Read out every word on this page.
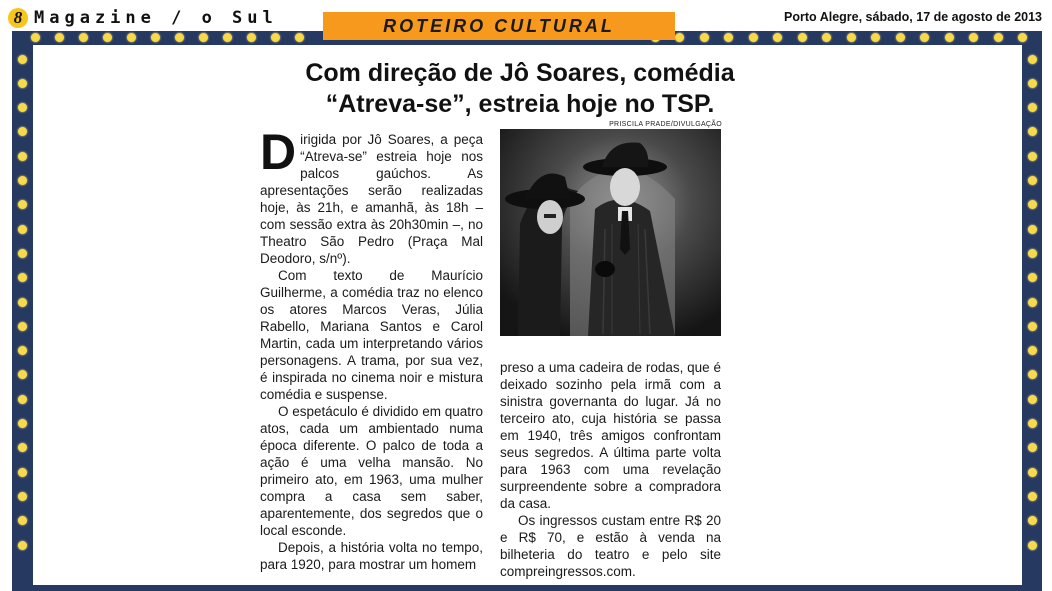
8 Magazine / o Sul	ROTEIRO CULTURAL	Porto Alegre, sábado, 17 de agosto de 2013
Com direção de Jô Soares, comédia
“Atreva-se”, estreia hoje no TSP.

Dirigida por Jô Soares, a peça “Atreva-se” estreia hoje nos palcos gaúchos. As apresentações serão realizadas hoje, às 21h, e amanhã, às 18h – com sessão extra às 20h30min –, no Theatro São Pedro (Praça Mal Deodoro, s/nº).

Com texto de Maurício Guilherme, a comédia traz no elenco os atores Marcos Veras, Júlia Rabello, Mariana Santos e Carol Martin, cada um interpretando vários personagens. A trama, por sua vez, é inspirada no cinema noir e mistura comédia e suspense.

O espetáculo é dividido em quatro atos, cada um ambientado numa época diferente. O palco de toda a ação é uma velha mansão. No primeiro ato, em 1963, uma mulher compra a casa sem saber, aparentemente, dos segredos que o local esconde.

Depois, a história volta no tempo, para 1920, para mostrar um homem

PRISCILA PRADE/DIVULGAÇÃO

preso a uma cadeira de rodas, que é deixado sozinho pela irmã com a sinistra governanta do lugar. Já no terceiro ato, cuja história se passa em 1940, três amigos confrontam seus segredos. A última parte volta para 1963 com uma revelação surpreendente sobre a compradora da casa.

Os ingressos custam entre R$ 20 e R$ 70, e estão à venda na bilheteria do teatro e pelo site compreingressos.com.
